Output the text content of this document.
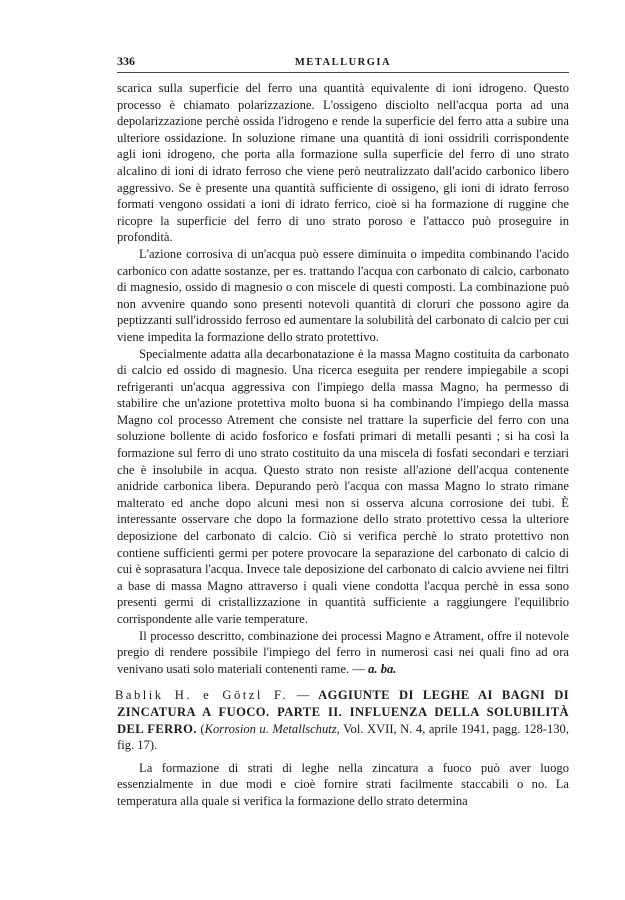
336	METALLURGIA

scarica sulla superficie del ferro una quantità equivalente di ioni idrogeno. Questo processo è chiamato polarizzazione. L'ossigeno disciolto nell'acqua porta ad una depolarizzazione perchè ossida l'idrogeno e rende la superficie del ferro atta a subire una ulteriore ossidazione. In soluzione rimane una quantità di ioni ossidrili corrispondente agli ioni idrogeno, che porta alla formazione sulla superficie del ferro di uno strato alcalino di ioni di idrato ferroso che viene però neutralizzato dall'acido carbonico libero aggressivo. Se è presente una quantità sufficiente di ossigeno, gli ioni di idrato ferroso formati vengono ossidati a ioni di idrato ferrico, cioè si ha formazione di ruggine che ricopre la superficie del ferro di uno strato poroso e l'attacco può proseguire in profondità.

L'azione corrosiva di un'acqua può essere diminuita o impedita combinando l'acido carbonico con adatte sostanze, per es. trattando l'acqua con carbonato di calcio, carbonato di magnesio, ossido di magnesio o con miscele di questi composti. La combinazione può non avvenire quando sono presenti notevoli quantità di cloruri che possono agire da peptizzanti sull'idrossido ferroso ed aumentare la solubilità del carbonato di calcio per cui viene impedita la formazione dello strato protettivo.

Specialmente adatta alla decarbonatazione è la massa Magno costituita da carbonato di calcio ed ossido di magnesio. Una ricerca eseguita per rendere impiegabile a scopi refrigeranti un'acqua aggressiva con l'impiego della massa Magno, ha permesso di stabilire che un'azione protettiva molto buona si ha combinando l'impiego della massa Magno col processo Atrement che consiste nel trattare la superficie del ferro con una soluzione bollente di acido fosforico e fosfati primari di metalli pesanti ; si ha così la formazione sul ferro di uno strato costituito da una miscela di fosfati secondari e terziari che è insolubile in acqua. Questo strato non resiste all'azione dell'acqua contenente anidride carbonica libera. Depurando però l'acqua con massa Magno lo strato rimane malterato ed anche dopo alcuni mesi non si osserva alcuna corrosione dei tubi. È interessante osservare che dopo la formazione dello strato protettivo cessa la ulteriore deposizione del carbonato di calcio. Ciò si verifica perchè lo strato protettivo non contiene sufficienti germi per potere provocare la separazione del carbonato di calcio di cui è soprasatura l'acqua. Invece tale deposizione del carbonato di calcio avviene nei filtri a base di massa Magno attraverso i quali viene condotta l'acqua perchè in essa sono presenti germi di cristallizzazione in quantità sufficiente a raggiungere l'equilibrio corrispondente alle varie temperature.

Il processo descritto, combinazione dei processi Magno e Atrament, offre il notevole pregio di rendere possibile l'impiego del ferro in numerosi casi nei quali fino ad ora venivano usati solo materiali contenenti rame. — a. ba.

Bablik H. e Götzl F. — AGGIUNTE DI LEGHE AI BAGNI DI ZINCATURA A FUOCO. PARTE II. INFLUENZA DELLA SOLUBILITÀ DEL FERRO. (Korrosion u. Metallschutz, Vol. XVII, N. 4, aprile 1941, pagg. 128-130, fig. 17).

La formazione di strati di leghe nella zincatura a fuoco può aver luogo essenzialmente in due modi e cioè fornire strati facilmente staccabili o no. La temperatura alla quale si verifica la formazione dello strato determina
